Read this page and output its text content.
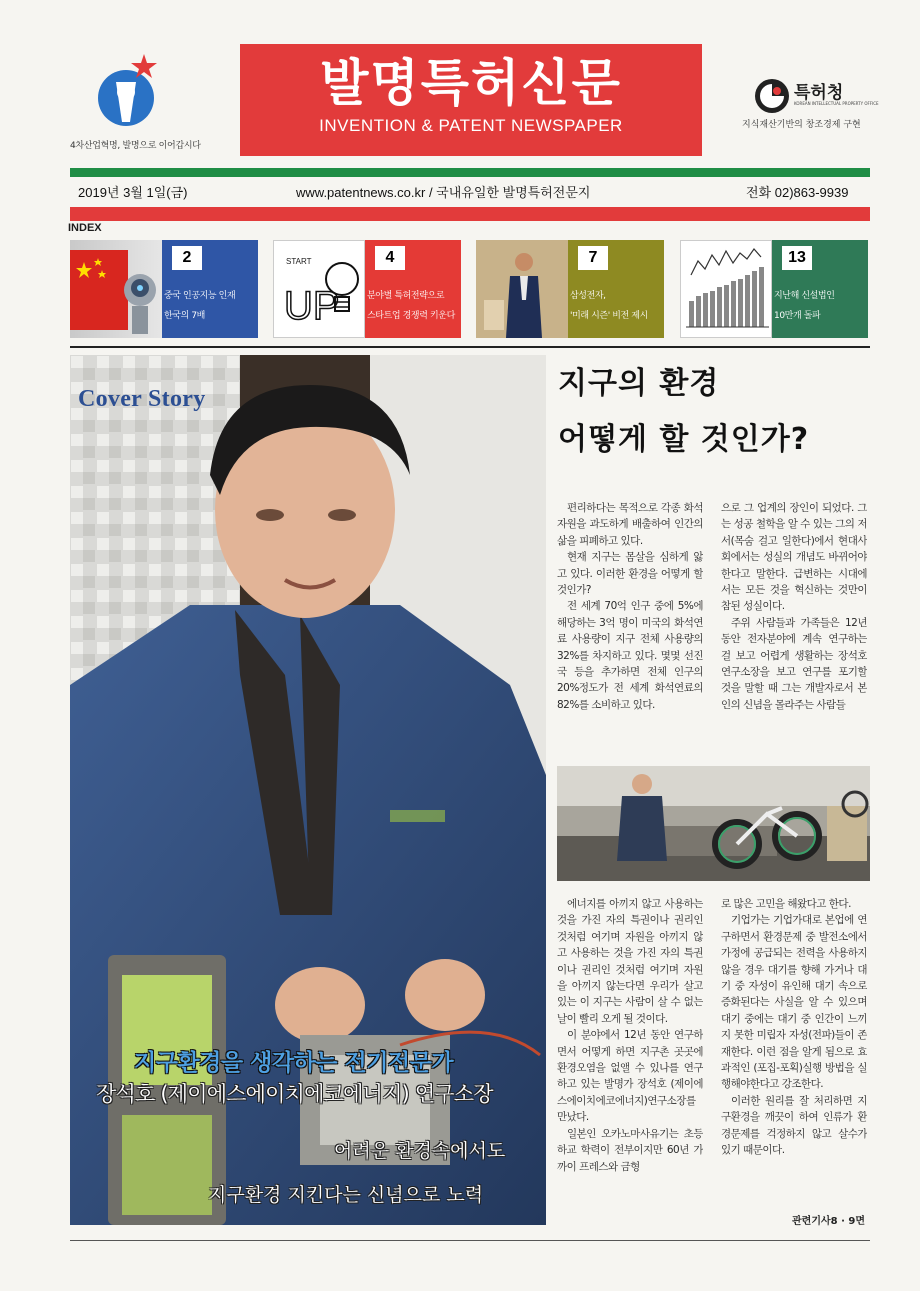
4차산업혁명, 발명으로 이어갑시다
발명특허신문
INVENTION & PATENT NEWSPAPER
특허청
KOREAN INTELLECTUAL PROPERTY OFFICE
지식재산기반의 창조경제 구현
2019년 3월 1일(금)	www.patentnews.co.kr / 국내유일한 발명특허전문지	전화 02)863-9939
INDEX
2
중국 인공지능 인재
한국의 7배
START
UP
4
분야별 특허전략으로
스타트업 경쟁력 키운다
7
삼성전자,
'미래 시즌' 비전 제시
13
지난해 신설법인
10만개 돌파
Cover Story
지구환경을 생각하는 전기전문가
장석호 (제이에스에이치에코에너지) 연구소장
어려운 환경속에서도
지구환경 지킨다는 신념으로 노력
지구의 환경
어떻게 할 것인가?

편리하다는 목적으로 각종 화석 자원을 과도하게 배출하여 인간의 삶을 피폐하고 있다.

현재 지구는 몸살을 심하게 앓고 있다. 이러한 환경을 어떻게 할 것인가?

전 세계 70억 인구 중에 5%에 해당하는 3억 명이 미국의 화석연료 사용량이 지구 전체 사용량의 32%를 차지하고 있다. 몇몇 선진국 등을 추가하면 전체 인구의 20%정도가 전 세계 화석연료의 82%를 소비하고 있다.

으로 그 업계의 장인이 되었다. 그는 성공 철학을 알 수 있는 그의 저서(목숨 걸고 일한다)에서 현대사회에서는 성실의 개념도 바뀌어야 한다고 말한다. 급변하는 시대에서는 모든 것을 혁신하는 것만이 참된 성실이다.

주위 사람들과 가족들은 12년 동안 전자분야에 계속 연구하는 걸 보고 어렵게 생활하는 장석호 연구소장을 보고 연구를 포기할 것을 말할 때 그는 개발자로서 본인의 신념을 몰라주는 사람들

에너지를 아끼지 않고 사용하는 것을 가진 자의 특권이나 권리인 것처럼 여기며 자원을 아끼지 않고 사용하는 것을 가진 자의 특권이나 권리인 것처럼 여기며 자원을 아끼지 않는다면 우리가 살고 있는 이 지구는 사람이 살 수 없는 날이 빨리 오게 될 것이다.

이 분야에서 12년 동안 연구하면서 어떻게 하면 지구촌 곳곳에 환경오염을 없앨 수 있나를 연구하고 있는 발명가 장석호 (제이에스에이치에코에너지)연구소장를 만났다.

일본인 오카노마사유기는 초등하교 학력이 전부이지만 60년 가까이 프레스와 금형

로 많은 고민을 해왔다고 한다.

기업가는 기업가대로 본업에 연구하면서 환경문제 중 발전소에서 가정에 공급되는 전력을 사용하지 않을 경우 대기를 향해 가거나 대기 중 자성이 유인해 대기 속으로 증화된다는 사실을 알 수 있으며 대기 중에는 대기 중 인간이 느끼지 못한 미립자 자성(전파)들이 존재한다. 이런 점을 알게 됨으로 효과적인 (포집-포획)실행 방법을 실행해야한다고 강조한다.

이러한 원리를 잘 처리하면 지구환경을 깨끗이 하여 인류가 환경문제를 걱정하지 않고 살수가 있기 때문이다.

관련기사8 · 9면
